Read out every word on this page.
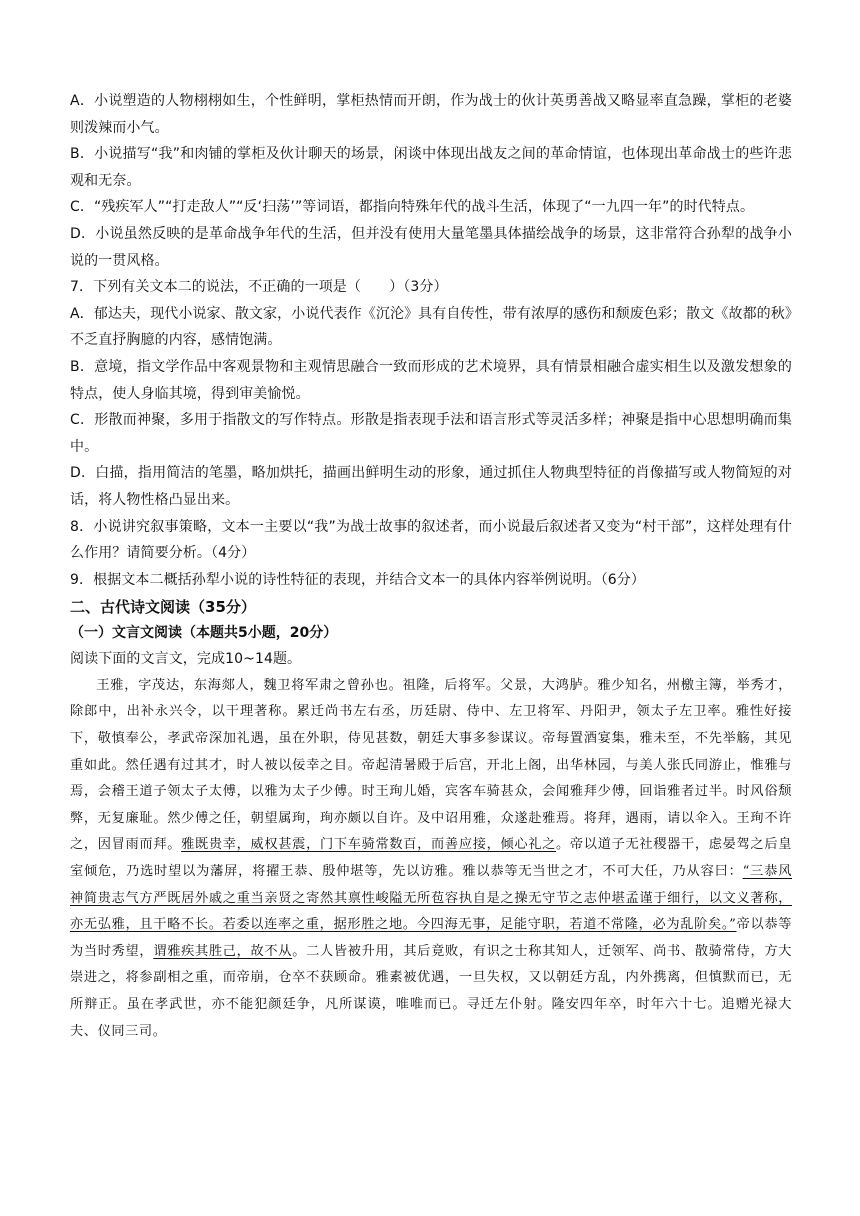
A．小说塑造的人物栩栩如生，个性鲜明，掌柜热情而开朗，作为战士的伙计英勇善战又略显率直急躁，掌柜的老婆则泼辣而小气。

B．小说描写“我”和肉铺的掌柜及伙计聊天的场景，闲谈中体现出战友之间的革命情谊，也体现出革命战士的些许悲观和无奈。

C．“残疾军人”“打走敌人”“反‘扫荡’”等词语，都指向特殊年代的战斗生活，体现了“一九四一年”的时代特点。

D．小说虽然反映的是革命战争年代的生活，但并没有使用大量笔墨具体描绘战争的场景，这非常符合孙犁的战争小说的一贯风格。

7．下列有关文本二的说法，不正确的一项是（　　）（3分）

A．郁达夫，现代小说家、散文家，小说代表作《沉沦》具有自传性，带有浓厚的感伤和颓废色彩；散文《故都的秋》不乏直抒胸臆的内容，感情饱满。

B．意境，指文学作品中客观景物和主观情思融合一致而形成的艺术境界，具有情景相融合虚实相生以及激发想象的特点，使人身临其境，得到审美愉悦。

C．形散而神聚，多用于指散文的写作特点。形散是指表现手法和语言形式等灵活多样；神聚是指中心思想明确而集中。

D．白描，指用简洁的笔墨，略加烘托，描画出鲜明生动的形象，通过抓住人物典型特征的肖像描写或人物简短的对话，将人物性格凸显出来。

8．小说讲究叙事策略，文本一主要以“我”为战士故事的叙述者，而小说最后叙述者又变为“村干部”，这样处理有什么作用？请简要分析。（4分）

9．根据文本二概括孙犁小说的诗性特征的表现，并结合文本一的具体内容举例说明。（6分）

二、古代诗文阅读（35分）

（一）文言文阅读（本题共5小题，20分）

阅读下面的文言文，完成10~14题。

王雅，字茂达，东海郯人，魏卫将军肃之曾孙也。祖隆，后将军。父景，大鸿胪。雅少知名，州檄主簿，举秀才，除郎中，出补永兴令，以干理著称。累迁尚书左右丞，历廷尉、侍中、左卫将军、丹阳尹，领太子左卫率。雅性好接下，敬慎奉公，孝武帝深加礼遇，虽在外职，侍见甚数，朝廷大事多参谋议。帝每置酒宴集，雅未至，不先举觞，其见重如此。然任遇有过其才，时人被以佞幸之目。帝起清暑殿于后宫，开北上阁，出华林园，与美人张氏同游止，惟雅与焉，会稽王道子领太子太傅，以雅为太子少傅。时王珣儿婚，宾客车骑甚众，会闻雅拜少傅，回诣雅者过半。时风俗颓弊，无复廉耻。然少傅之任，朝望属珣，珣亦颇以自许。及中诏用雅，众遂赴雅焉。将拜，遇雨，请以伞入。王珣不许之，因冒雨而拜。雅既贵幸，威权甚震，门下车骑常数百，而善应接，倾心礼之。帝以道子无社稷器干，虑晏驾之后皇室倾危，乃选时望以为藩屏，将擢王恭、殷仲堪等，先以访雅。雅以恭等无当世之才，不可大任，乃从容曰：“三恭风神简贵志气方严既居外戚之重当亲贤之寄然其禀性峻隘无所苞容执自是之操无守节之志仲堪孟谨于细行，以文义著称，亦无弘雅，且干略不长。若委以连率之重，据形胜之地。今四海无事，足能守职，若道不常隆，必为乱阶矣。”帝以恭等为当时秀望，谓雅疾其胜己，故不从。二人皆被升用，其后竟败，有识之士称其知人，迁领军、尚书、散骑常侍，方大崇进之，将参副相之重，而帝崩，仓卒不获顾命。雅素被优遇，一旦失权，又以朝廷方乱，内外携离，但慎默而已，无所辩正。虽在孝武世，亦不能犯颜廷争，凡所谋谟，唯唯而已。寻迁左仆射。隆安四年卒，时年六十七。追赠光禄大夫、仪同三司。
